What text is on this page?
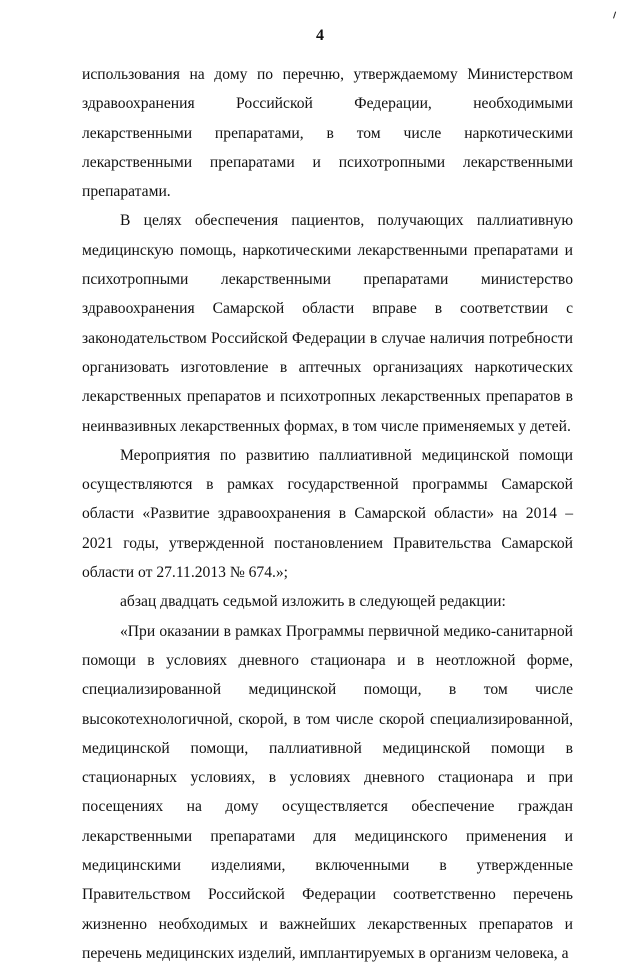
4

использования на дому по перечню, утверждаемому Министерством здравоохранения Российской Федерации, необходимыми лекарственными препаратами, в том числе наркотическими лекарственными препаратами и психотропными лекарственными препаратами.

В целях обеспечения пациентов, получающих паллиативную медицинскую помощь, наркотическими лекарственными препаратами и психотропными лекарственными препаратами министерство здравоохранения Самарской области вправе в соответствии с законодательством Российской Федерации в случае наличия потребности организовать изготовление в аптечных организациях наркотических лекарственных препаратов и психотропных лекарственных препаратов в неинвазивных лекарственных формах, в том числе применяемых у детей.

Мероприятия по развитию паллиативной медицинской помощи осуществляются в рамках государственной программы Самарской области «Развитие здравоохранения в Самарской области» на 2014 – 2021 годы, утвержденной постановлением Правительства Самарской области от 27.11.2013 № 674.»;

абзац двадцать седьмой изложить в следующей редакции:

«При оказании в рамках Программы первичной медико-санитарной помощи в условиях дневного стационара и в неотложной форме, специализированной медицинской помощи, в том числе высокотехнологичной, скорой, в том числе скорой специализированной, медицинской помощи, паллиативной медицинской помощи в стационарных условиях, в условиях дневного стационара и при посещениях на дому осуществляется обеспечение граждан лекарственными препаратами для медицинского применения и медицинскими изделиями, включенными в утвержденные Правительством Российской Федерации соответственно перечень жизненно необходимых и важнейших лекарственных препаратов и перечень медицинских изделий, имплантируемых в организм человека, а
